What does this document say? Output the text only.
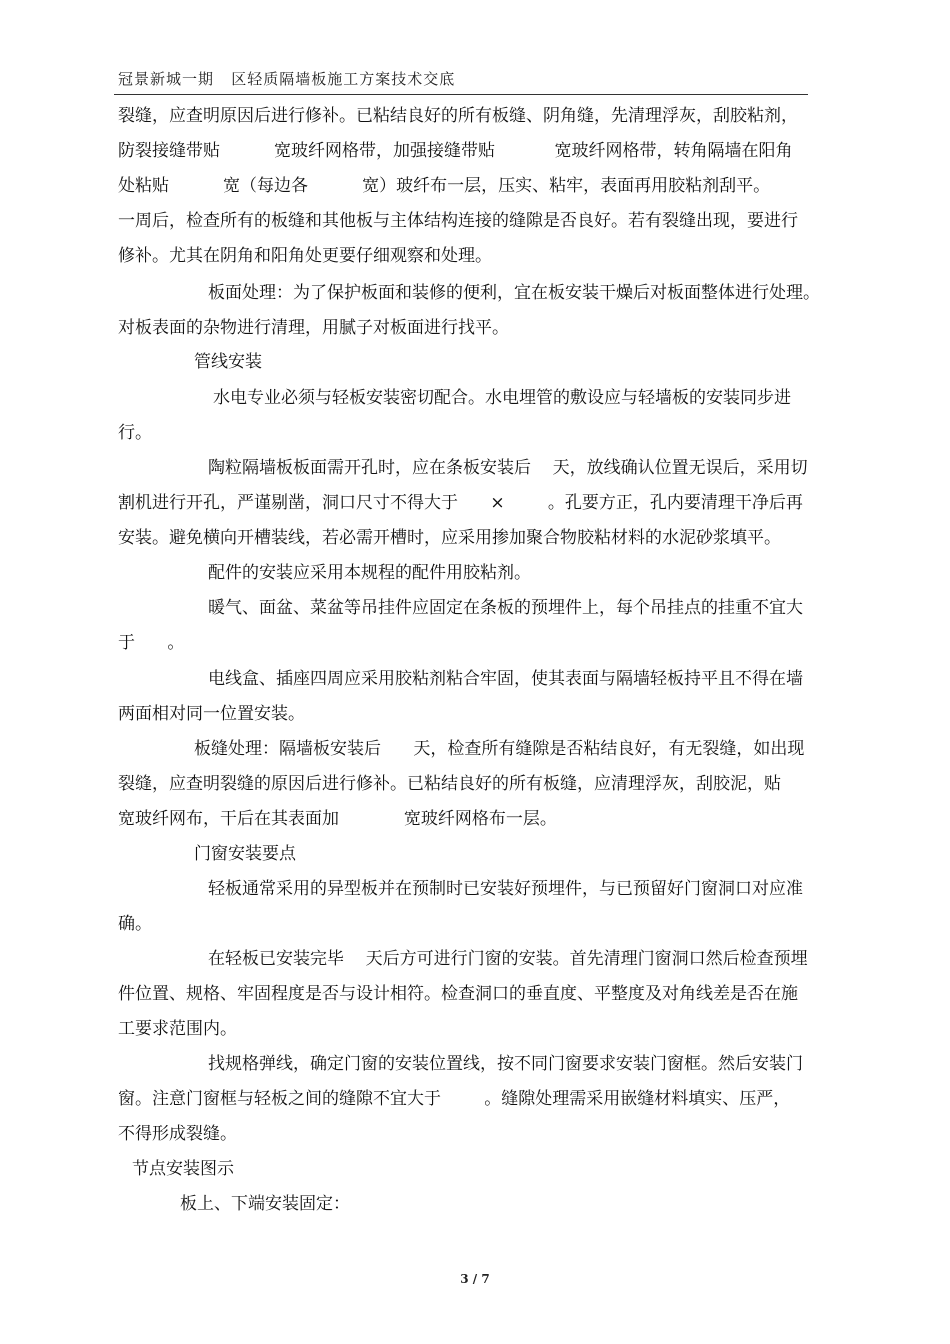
冠景新城一期   区轻质隔墙板施工方案技术交底
裂缝，应查明原因后进行修补。已粘结良好的所有板缝、阴角缝，先清理浮灰，刮胶粘剂，
防裂接缝带贴          宽玻纤网格带，加强接缝带贴           宽玻纤网格带，转角隔墙在阳角
处粘贴          宽（每边各          宽）玻纤布一层，压实、粘牢，表面再用胶粘剂刮平。
一周后，检查所有的板缝和其他板与主体结构连接的缝隙是否良好。若有裂缝出现，要进行
修补。尤其在阴角和阳角处更要仔细观察和处理。
板面处理：为了保护板面和装修的便利，宜在板安装干燥后对板面整体进行处理。
对板表面的杂物进行清理，用腻子对板面进行找平。
管线安装
水电专业必须与轻板安装密切配合。水电埋管的敷设应与轻墙板的安装同步进
行。
陶粒隔墙板板面需开孔时，应在条板安装后    天，放线确认位置无误后，采用切
割机进行开孔，严谨剔凿，洞口尺寸不得大于      ×        。孔要方正，孔内要清理干净后再
安装。避免横向开槽装线，若必需开槽时，应采用掺加聚合物胶粘材料的水泥砂浆填平。
配件的安装应采用本规程的配件用胶粘剂。
暖气、面盆、菜盆等吊挂件应固定在条板的预埋件上，每个吊挂点的挂重不宜大
于      。
电线盒、插座四周应采用胶粘剂粘合牢固，使其表面与隔墙轻板持平且不得在墙
两面相对同一位置安装。
板缝处理：隔墙板安装后      天，检查所有缝隙是否粘结良好，有无裂缝，如出现
裂缝，应查明裂缝的原因后进行修补。已粘结良好的所有板缝，应清理浮灰，刮胶泥，贴
宽玻纤网布，干后在其表面加            宽玻纤网格布一层。
门窗安装要点
轻板通常采用的异型板并在预制时已安装好预埋件，与已预留好门窗洞口对应准
确。
在轻板已安装完毕    天后方可进行门窗的安装。首先清理门窗洞口然后检查预埋
件位置、规格、牢固程度是否与设计相符。检查洞口的垂直度、平整度及对角线差是否在施
工要求范围内。
找规格弹线，确定门窗的安装位置线，按不同门窗要求安装门窗框。然后安装门
窗。注意门窗框与轻板之间的缝隙不宜大于        。缝隙处理需采用嵌缝材料填实、压严，
不得形成裂缝。
节点安装图示
板上、下端安装固定：
3 / 7
